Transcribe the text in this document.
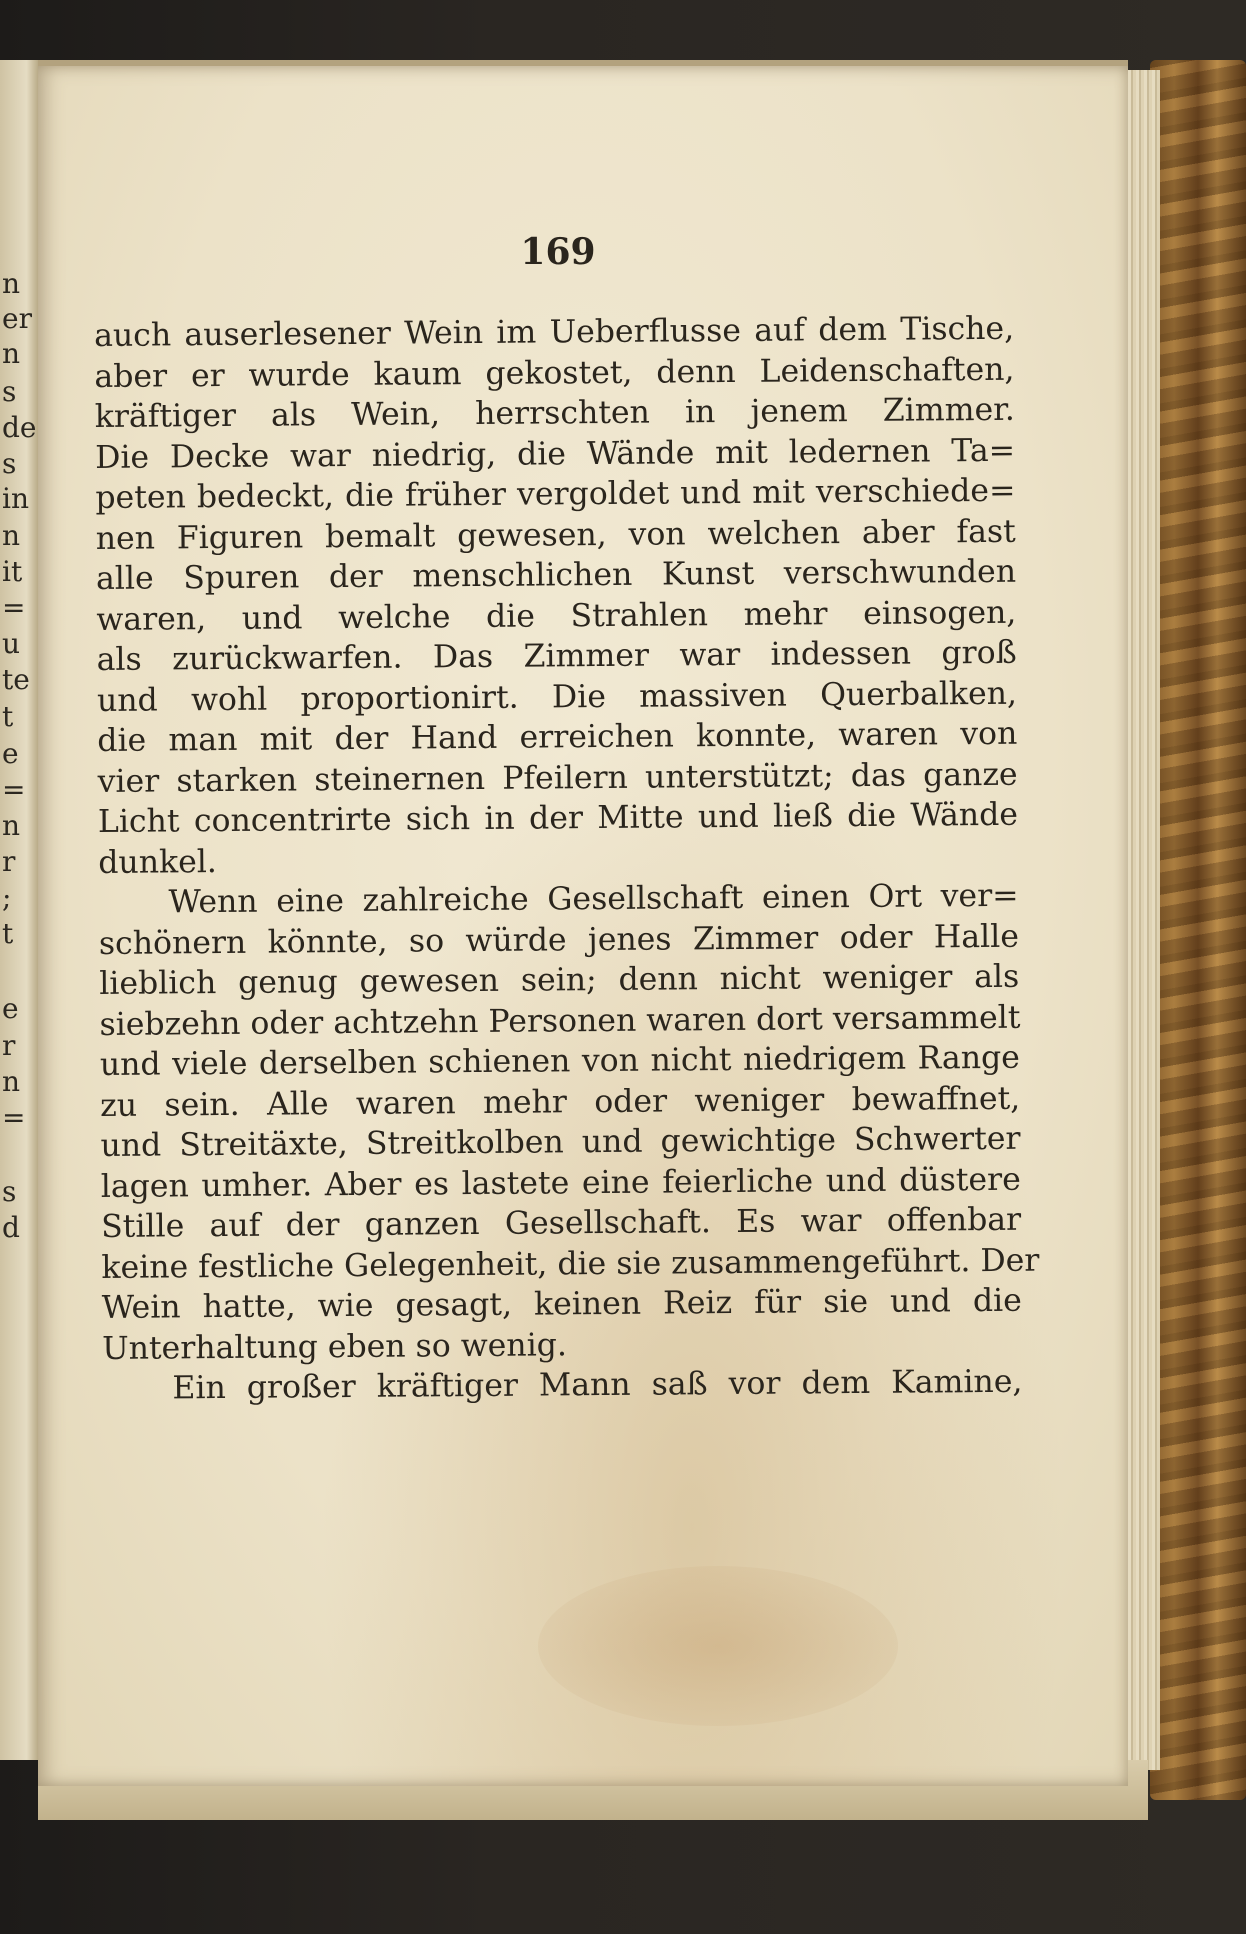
n
er
n
s
de
s
in
n
it
=
u
te
t
e
=
n
r
;
t
e
r
n
=
s
d
169
auch auserlesener Wein im Ueberflusse auf dem Tische,
aber er wurde kaum gekostet, denn Leidenschaften,
kräftiger als Wein, herrschten in jenem Zimmer.
Die Decke war niedrig, die Wände mit ledernen Ta=
peten bedeckt, die früher vergoldet und mit verschiede=
nen Figuren bemalt gewesen, von welchen aber fast
alle Spuren der menschlichen Kunst verschwunden
waren, und welche die Strahlen mehr einsogen,
als zurückwarfen. Das Zimmer war indessen groß
und wohl proportionirt. Die massiven Querbalken,
die man mit der Hand erreichen konnte, waren von
vier starken steinernen Pfeilern unterstützt; das ganze
Licht concentrirte sich in der Mitte und ließ die Wände
dunkel.
Wenn eine zahlreiche Gesellschaft einen Ort ver=
schönern könnte, so würde jenes Zimmer oder Halle
lieblich genug gewesen sein; denn nicht weniger als
siebzehn oder achtzehn Personen waren dort versammelt
und viele derselben schienen von nicht niedrigem Range
zu sein. Alle waren mehr oder weniger bewaffnet,
und Streitäxte, Streitkolben und gewichtige Schwerter
lagen umher. Aber es lastete eine feierliche und düstere
Stille auf der ganzen Gesellschaft. Es war offenbar
keine festliche Gelegenheit, die sie zusammengeführt. Der
Wein hatte, wie gesagt, keinen Reiz für sie und die
Unterhaltung eben so wenig.
Ein großer kräftiger Mann saß vor dem Kamine,
